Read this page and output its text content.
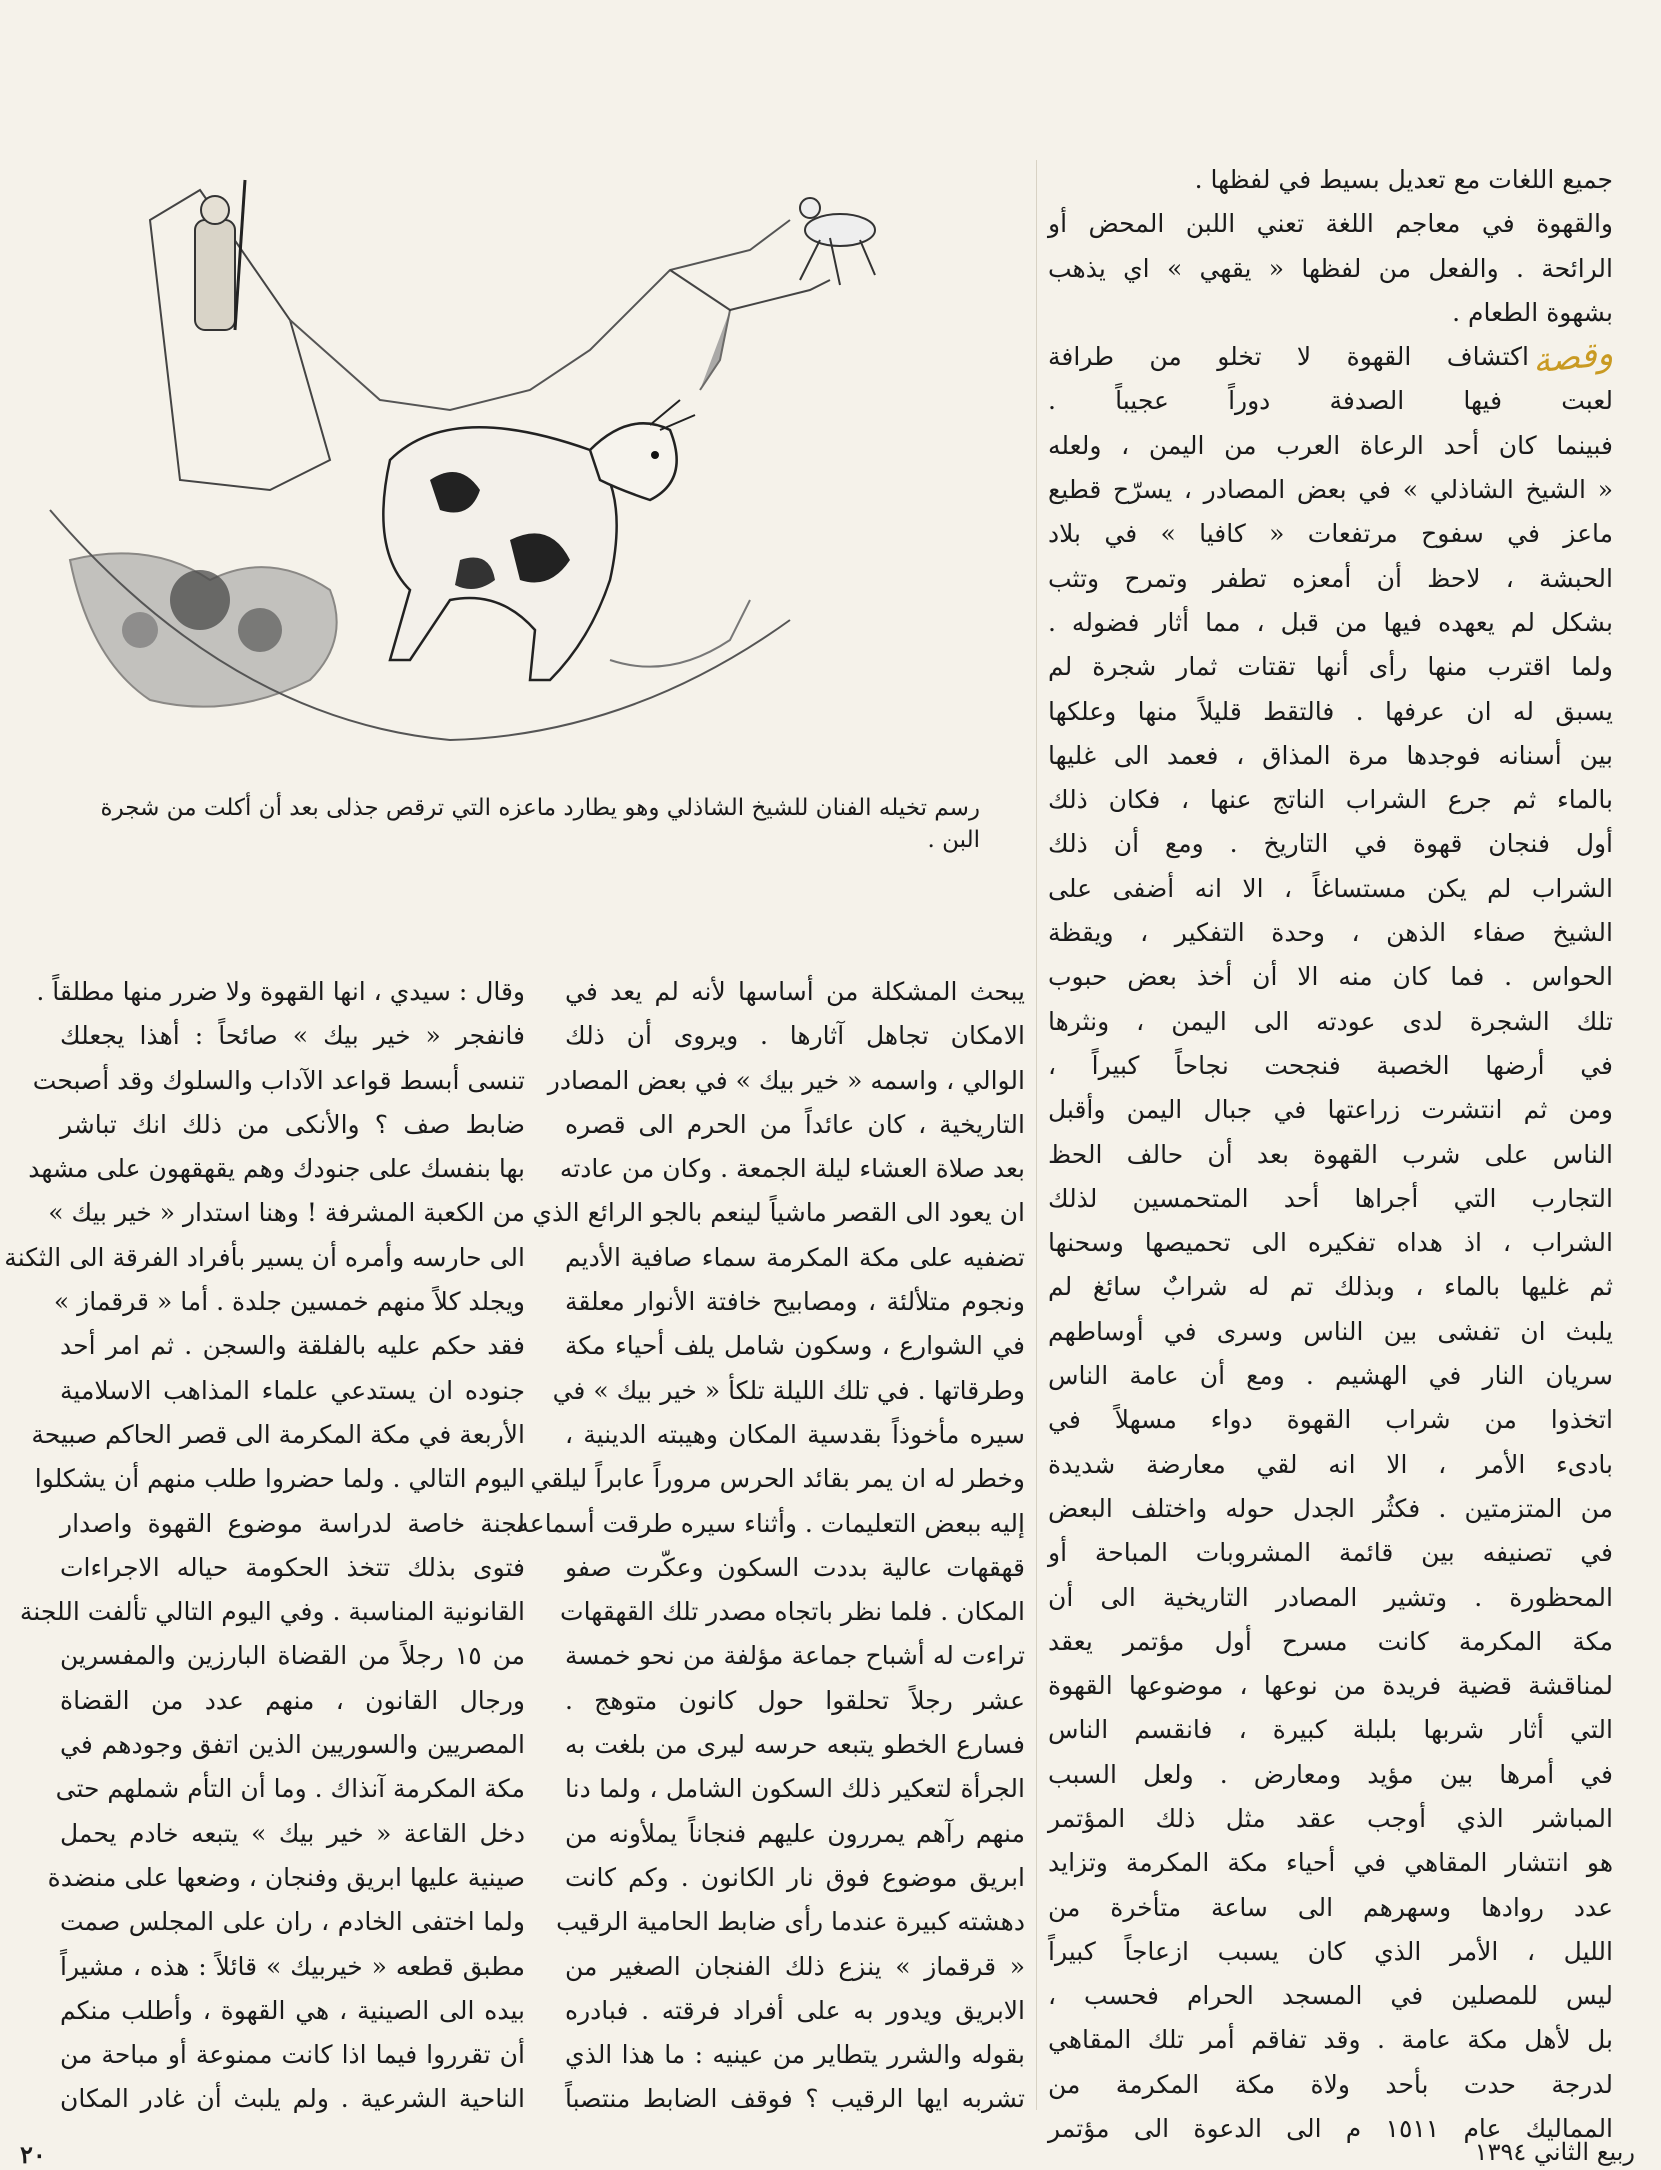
رسم تخيله الفنان للشيخ الشاذلي وهو يطارد ماعزه التي ترقص جذلى بعد أن أكلت من شجرة البن .
جميع اللغات مع تعديل بسيط في لفظها .
والقهوة في معاجم اللغة تعني اللبن المحض أو
الرائحة . والفعل من لفظها « يقهي » اي يذهب
بشهوة الطعام .
وقصة
اكتشاف القهوة لا تخلو من طرافة
لعبت فيها الصدفة دوراً عجيباً .
فبينما كان أحد الرعاة العرب من اليمن ، ولعله
« الشيخ الشاذلي » في بعض المصادر ، يسرّح قطيع
ماعز في سفوح مرتفعات « كافيا » في بلاد
الحبشة ، لاحظ أن أمعزه تطفر وتمرح وتثب
بشكل لم يعهده فيها من قبل ، مما أثار فضوله .
ولما اقترب منها رأى أنها تقتات ثمار شجرة لم
يسبق له ان عرفها . فالتقط قليلاً منها وعلكها
بين أسنانه فوجدها مرة المذاق ، فعمد الى غليها
بالماء ثم جرع الشراب الناتج عنها ، فكان ذلك
أول فنجان قهوة في التاريخ . ومع أن ذلك
الشراب لم يكن مستساغاً ، الا انه أضفى على
الشيخ صفاء الذهن ، وحدة التفكير ، ويقظة
الحواس . فما كان منه الا أن أخذ بعض حبوب
تلك الشجرة لدى عودته الى اليمن ، ونثرها
في أرضها الخصبة فنجحت نجاحاً كبيراً ،
ومن ثم انتشرت زراعتها في جبال اليمن وأقبل
الناس على شرب القهوة بعد أن حالف الحظ
التجارب التي أجراها أحد المتحمسين لذلك
الشراب ، اذ هداه تفكيره الى تحميصها وسحنها
ثم غليها بالماء ، وبذلك تم له شرابٌ سائغ لم
يلبث ان تفشى بين الناس وسرى في أوساطهم
سريان النار في الهشيم . ومع أن عامة الناس
اتخذوا من شراب القهوة دواء مسهلاً في
بادىء الأمر ، الا انه لقي معارضة شديدة
من المتزمتين . فكثُر الجدل حوله واختلف البعض
في تصنيفه بين قائمة المشروبات المباحة أو
المحظورة . وتشير المصادر التاريخية الى أن
مكة المكرمة كانت مسرح أول مؤتمر يعقد
لمناقشة قضية فريدة من نوعها ، موضوعها القهوة
التي أثار شربها بلبلة كبيرة ، فانقسم الناس
في أمرها بين مؤيد ومعارض . ولعل السبب
المباشر الذي أوجب عقد مثل ذلك المؤتمر
هو انتشار المقاهي في أحياء مكة المكرمة وتزايد
عدد روادها وسهرهم الى ساعة متأخرة من
الليل ، الأمر الذي كان يسبب ازعاجاً كبيراً
ليس للمصلين في المسجد الحرام فحسب ،
بل لأهل مكة عامة . وقد تفاقم أمر تلك المقاهي
لدرجة حدت بأحد ولاة مكة المكرمة من
المماليك عام ١٥١١ م الى الدعوة الى مؤتمر
يبحث المشكلة من أساسها لأنه لم يعد في
الامكان تجاهل آثارها . ويروى أن ذلك
الوالي ، واسمه « خير بيك » في بعض المصادر
التاريخية ، كان عائداً من الحرم الى قصره
بعد صلاة العشاء ليلة الجمعة . وكان من عادته
ان يعود الى القصر ماشياً لينعم بالجو الرائع الذي
تضفيه على مكة المكرمة سماء صافية الأديم
ونجوم متلألئة ، ومصابيح خافتة الأنوار معلقة
في الشوارع ، وسكون شامل يلف أحياء مكة
وطرقاتها . في تلك الليلة تلكأ « خير بيك » في
سيره مأخوذاً بقدسية المكان وهيبته الدينية ،
وخطر له ان يمر بقائد الحرس مروراً عابراً ليلقي
إليه ببعض التعليمات . وأثناء سيره طرقت أسماعه
قهقهات عالية بددت السكون وعكّرت صفو
المكان . فلما نظر باتجاه مصدر تلك القهقهات
تراءت له أشباح جماعة مؤلفة من نحو خمسة
عشر رجلاً تحلقوا حول كانون متوهج .
فسارع الخطو يتبعه حرسه ليرى من بلغت به
الجرأة لتعكير ذلك السكون الشامل ، ولما دنا
منهم رآهم يمررون عليهم فنجاناً يملأونه من
ابريق موضوع فوق نار الكانون . وكم كانت
دهشته كبيرة عندما رأى ضابط الحامية الرقيب
« قرقماز » ينزع ذلك الفنجان الصغير من
الابريق ويدور به على أفراد فرقته . فبادره
بقوله والشرر يتطاير من عينيه : ما هذا الذي
تشربه ايها الرقيب ؟ فوقف الضابط منتصباً
وقال : سيدي ، انها القهوة ولا ضرر منها مطلقاً .
فانفجر « خير بيك » صائحاً : أهذا يجعلك
تنسى أبسط قواعد الآداب والسلوك وقد أصبحت
ضابط صف ؟ والأنكى من ذلك انك تباشر
بها بنفسك على جنودك وهم يقهقهون على مشهد
من الكعبة المشرفة ! وهنا استدار « خير بيك »
الى حارسه وأمره أن يسير بأفراد الفرقة الى الثكنة
ويجلد كلاً منهم خمسين جلدة . أما « قرقماز »
فقد حكم عليه بالفلقة والسجن . ثم امر أحد
جنوده ان يستدعي علماء المذاهب الاسلامية
الأربعة في مكة المكرمة الى قصر الحاكم صبيحة
اليوم التالي . ولما حضروا طلب منهم أن يشكلوا
لجنة خاصة لدراسة موضوع القهوة واصدار
فتوى بذلك تتخذ الحكومة حياله الاجراءات
القانونية المناسبة . وفي اليوم التالي تألفت اللجنة
من ١٥ رجلاً من القضاة البارزين والمفسرين
ورجال القانون ، منهم عدد من القضاة
المصريين والسوريين الذين اتفق وجودهم في
مكة المكرمة آنذاك . وما أن التأم شملهم حتى
دخل القاعة « خير بيك » يتبعه خادم يحمل
صينية عليها ابريق وفنجان ، وضعها على منضدة
ولما اختفى الخادم ، ران على المجلس صمت
مطبق قطعه « خيربيك » قائلاً : هذه ، مشيراً
بيده الى الصينية ، هي القهوة ، وأطلب منكم
أن تقرروا فيما اذا كانت ممنوعة أو مباحة من
الناحية الشرعية . ولم يلبث أن غادر المكان
٢٠	ربيع الثاني ١٣٩٤
